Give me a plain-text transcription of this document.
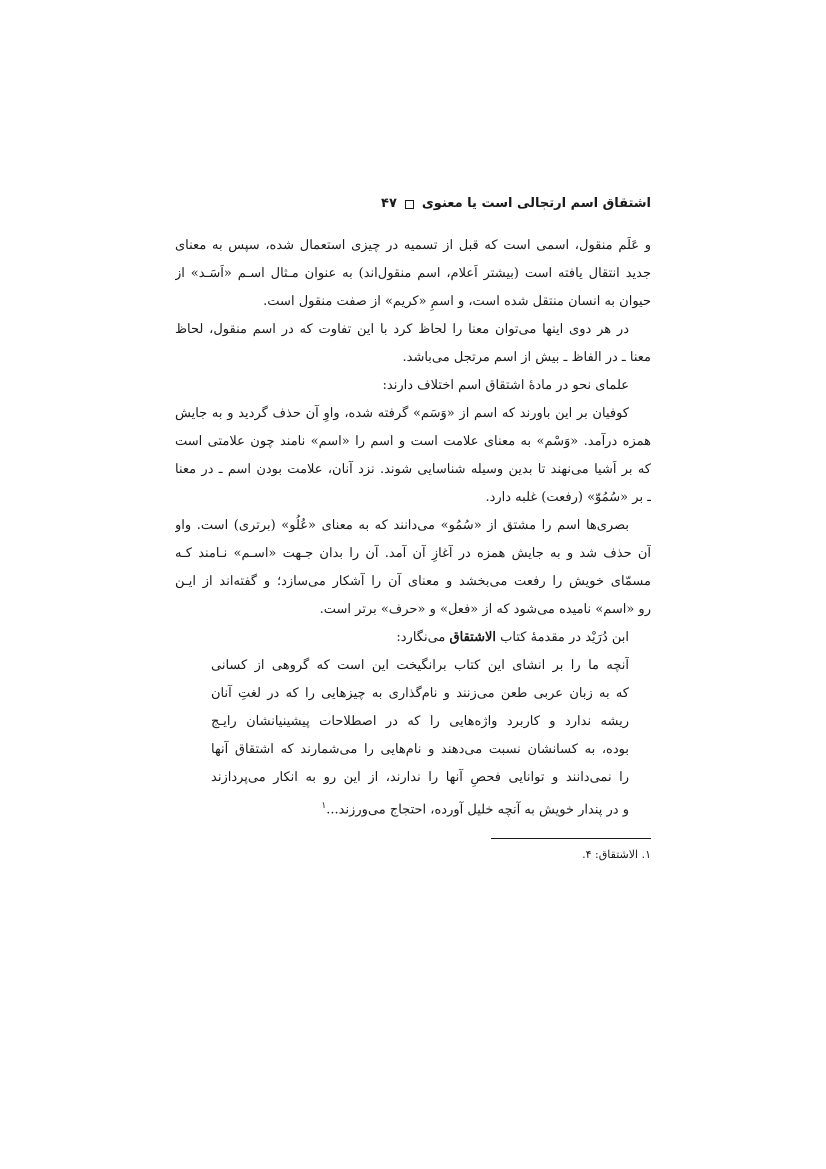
اشتقاق اسم ارتجالی است یا معنوی
۴۷
و عَلَم منقول، اسمی است که قبل از تسمیه در چیزی استعمال شده، سپس به معنای
جدید انتقال یافته است (بیشتر اَعلام، اسم منقول‌اند) به عنوان مـثال اسـم «اَسَـد» از
حیوان به انسان منتقل شده است، و اسمِ «کریم» از صفت منقول است.
در هر دوی اینها می‌توان معنا را لحاظ کرد با این تفاوت که در اسم منقول، لحاظ
معنا ـ در الفاظ ـ بیش از اسم مرتجل می‌باشد.
علمای نحو در مادهٔ اشتقاق اسم اختلاف دارند:
کوفیان بر این باورند که اسم از «وَسَم» گرفته شده، واوِ آن حذف گردید و به جایش
همزه درآمد. «وَسْم» به معنای علامت است و اسم را «اسم» نامند چون علامتی است
که بر اَشیا می‌نهند تا بدین وسیله شناسایی شوند. نزد آنان، علامت بودن اسم ـ در معنا
ـ بر «سُمُوّ» (رفعت) غلبه دارد.
بصری‌ها اسم را مشتق از «سُمُو» می‌دانند که به معنای «عُلُو» (برتری) است. واو
آن حذف شد و به جایش همزه در آغازِ آن آمد. آن را بدان جـهت «اسـم» نـامند کـه
مسمّای خویش را رفعت می‌بخشد و معنای آن را آشکار می‌سازد؛ و گفته‌اند از ایـن
رو «اسم» نامیده می‌شود که از «فعل» و «حرف» برتر است.
ابن دُرَیْد در مقدمهٔ کتاب الاشتقاق می‌نگارد:
آنچه ما را بر انشای این کتاب برانگیخت این است که گروهی از کسانی
که به زبان عربی طعن می‌زنند و نام‌گذاری به چیزهایی را که در لغتِ آنان
ریشه ندارد و کاربرد واژه‌هایی را که در اصطلاحات پیشینیانشان رایـج
بوده، به کسانشان نسبت می‌دهند و نام‌هایی را می‌شمارند که اشتقاق آنها
را نمی‌دانند و توانایی فحصِ آنها را ندارند، از این رو به انکار می‌پردازند
و در پندار خویش به آنچه خلیل آورده، احتجاج می‌ورزند...$^۱$
۱. الاشتقاق: ۴.
